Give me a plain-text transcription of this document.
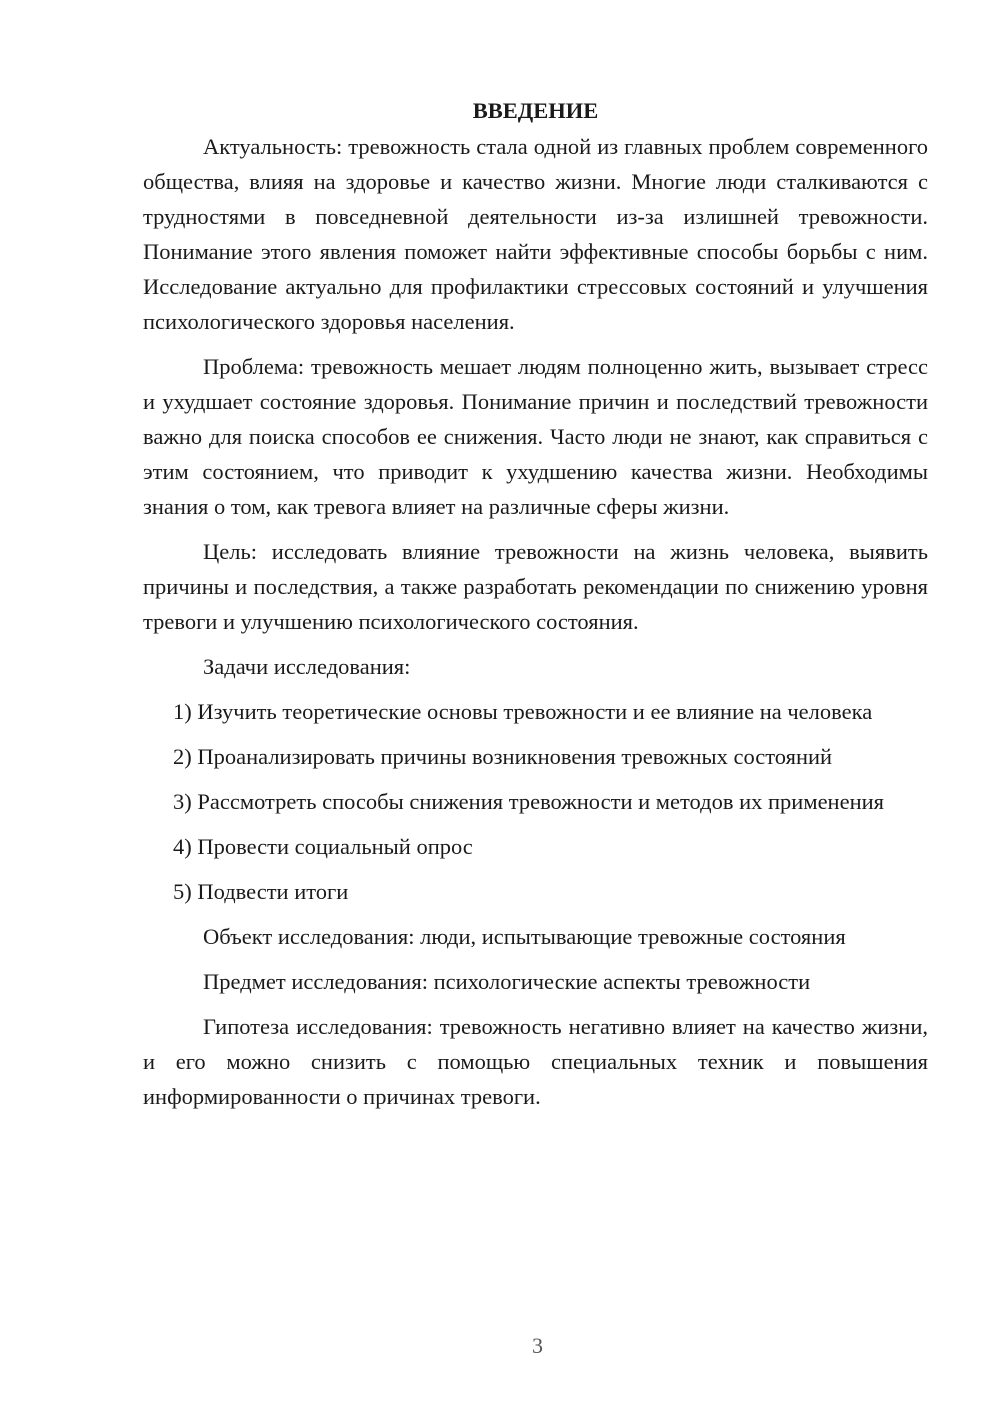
ВВЕДЕНИЕ

Актуальность: тревожность стала одной из главных проблем современного общества, влияя на здоровье и качество жизни. Многие люди сталкиваются с трудностями в повседневной деятельности из-за излишней тревожности. Понимание этого явления поможет найти эффективные способы борьбы с ним. Исследование актуально для профилактики стрессовых состояний и улучшения психологического здоровья населения.

Проблема: тревожность мешает людям полноценно жить, вызывает стресс и ухудшает состояние здоровья. Понимание причин и последствий тревожности важно для поиска способов ее снижения. Часто люди не знают, как справиться с этим состоянием, что приводит к ухудшению качества жизни. Необходимы знания о том, как тревога влияет на различные сферы жизни.

Цель: исследовать влияние тревожности на жизнь человека, выявить причины и последствия, а также разработать рекомендации по снижению уровня тревоги и улучшению психологического состояния.

Задачи исследования:

1) Изучить теоретические основы тревожности и ее влияние на человека

2) Проанализировать причины возникновения тревожных состояний

3) Рассмотреть способы снижения тревожности и методов их применения

4) Провести социальный опрос

5) Подвести итоги

Объект исследования: люди, испытывающие тревожные состояния

Предмет исследования: психологические аспекты тревожности

Гипотеза исследования: тревожность негативно влияет на качество жизни, и его можно снизить с помощью специальных техник и повышения информированности о причинах тревоги.

3
